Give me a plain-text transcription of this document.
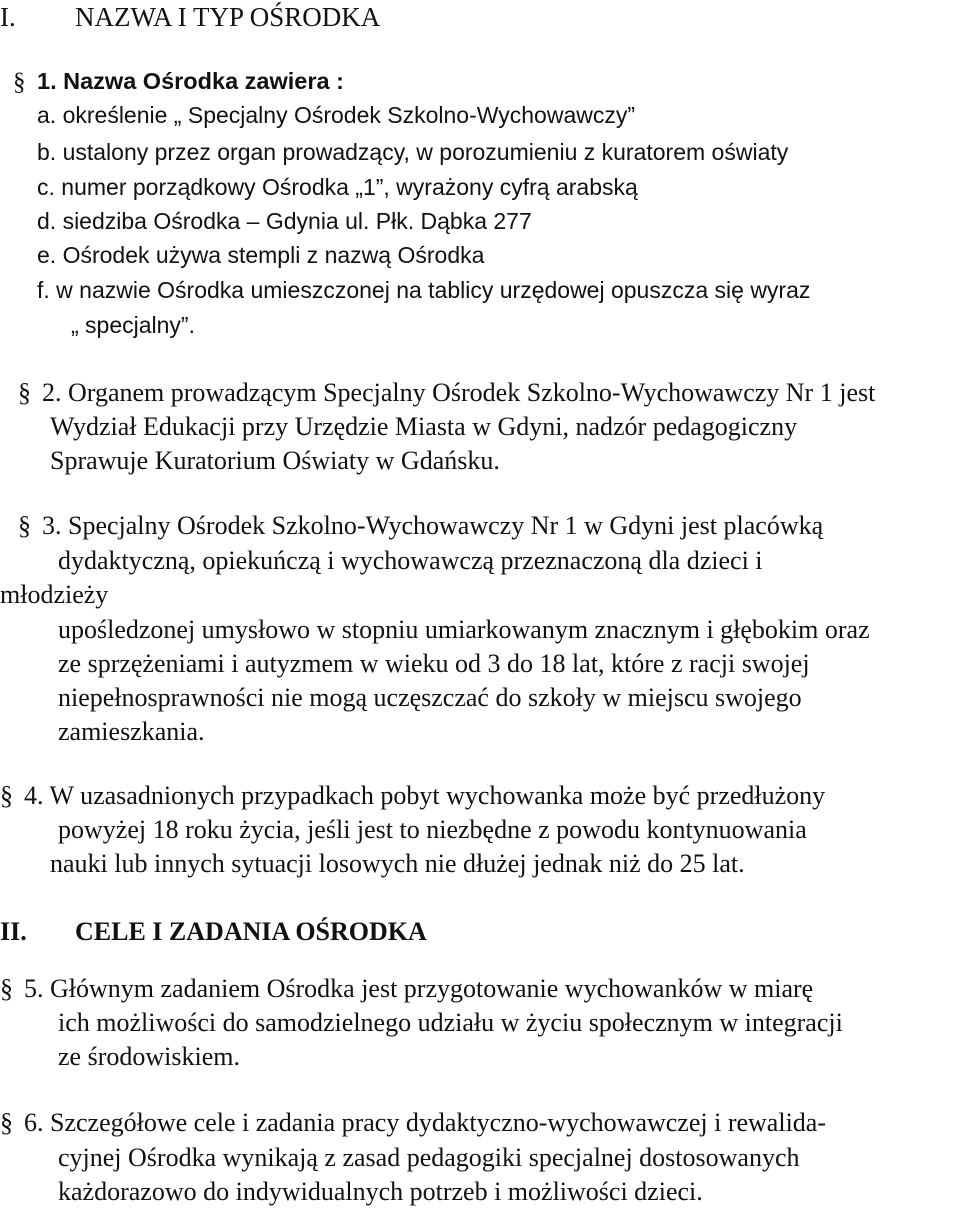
I. NAZWA I TYP OŚRODKA
§ 1. Nazwa Ośrodka zawiera :
a. określenie „ Specjalny Ośrodek Szkolno-Wychowawczy”
b. ustalony przez organ prowadzący, w porozumieniu z kuratorem oświaty
c. numer porządkowy Ośrodka „1”, wyrażony cyfrą arabską
d. siedziba Ośrodka – Gdynia ul. Płk. Dąbka 277
e. Ośrodek używa stempli z nazwą Ośrodka
f. w nazwie Ośrodka umieszczonej na tablicy urzędowej opuszcza się wyraz
„ specjalny”.
§ 2. Organem prowadzącym Specjalny Ośrodek Szkolno-Wychowawczy Nr 1 jest
Wydział Edukacji przy Urzędzie Miasta w Gdyni, nadzór pedagogiczny
Sprawuje Kuratorium Oświaty w Gdańsku.
§ 3. Specjalny Ośrodek Szkolno-Wychowawczy Nr 1 w Gdyni jest placówką
dydaktyczną, opiekuńczą i wychowawczą przeznaczoną dla dzieci i
młodzieży
upośledzonej umysłowo w stopniu umiarkowanym znacznym i głębokim oraz
ze sprzężeniami i autyzmem w wieku od 3 do 18 lat, które z racji swojej
niepełnosprawności nie mogą uczęszczać do szkoły w miejscu swojego
zamieszkania.
§ 4. W uzasadnionych przypadkach pobyt wychowanka może być przedłużony
powyżej 18 roku życia, jeśli jest to niezbędne z powodu kontynuowania
nauki lub innych sytuacji losowych nie dłużej jednak niż do 25 lat.
II. CELE I ZADANIA OŚRODKA
§ 5. Głównym zadaniem Ośrodka jest przygotowanie wychowanków w miarę
ich możliwości do samodzielnego udziału w życiu społecznym w integracji
ze środowiskiem.
§ 6. Szczegółowe cele i zadania pracy dydaktyczno-wychowawczej i rewalida-
cyjnej Ośrodka wynikają z zasad pedagogiki specjalnej dostosowanych
każdorazowo do indywidualnych potrzeb i możliwości dzieci.
